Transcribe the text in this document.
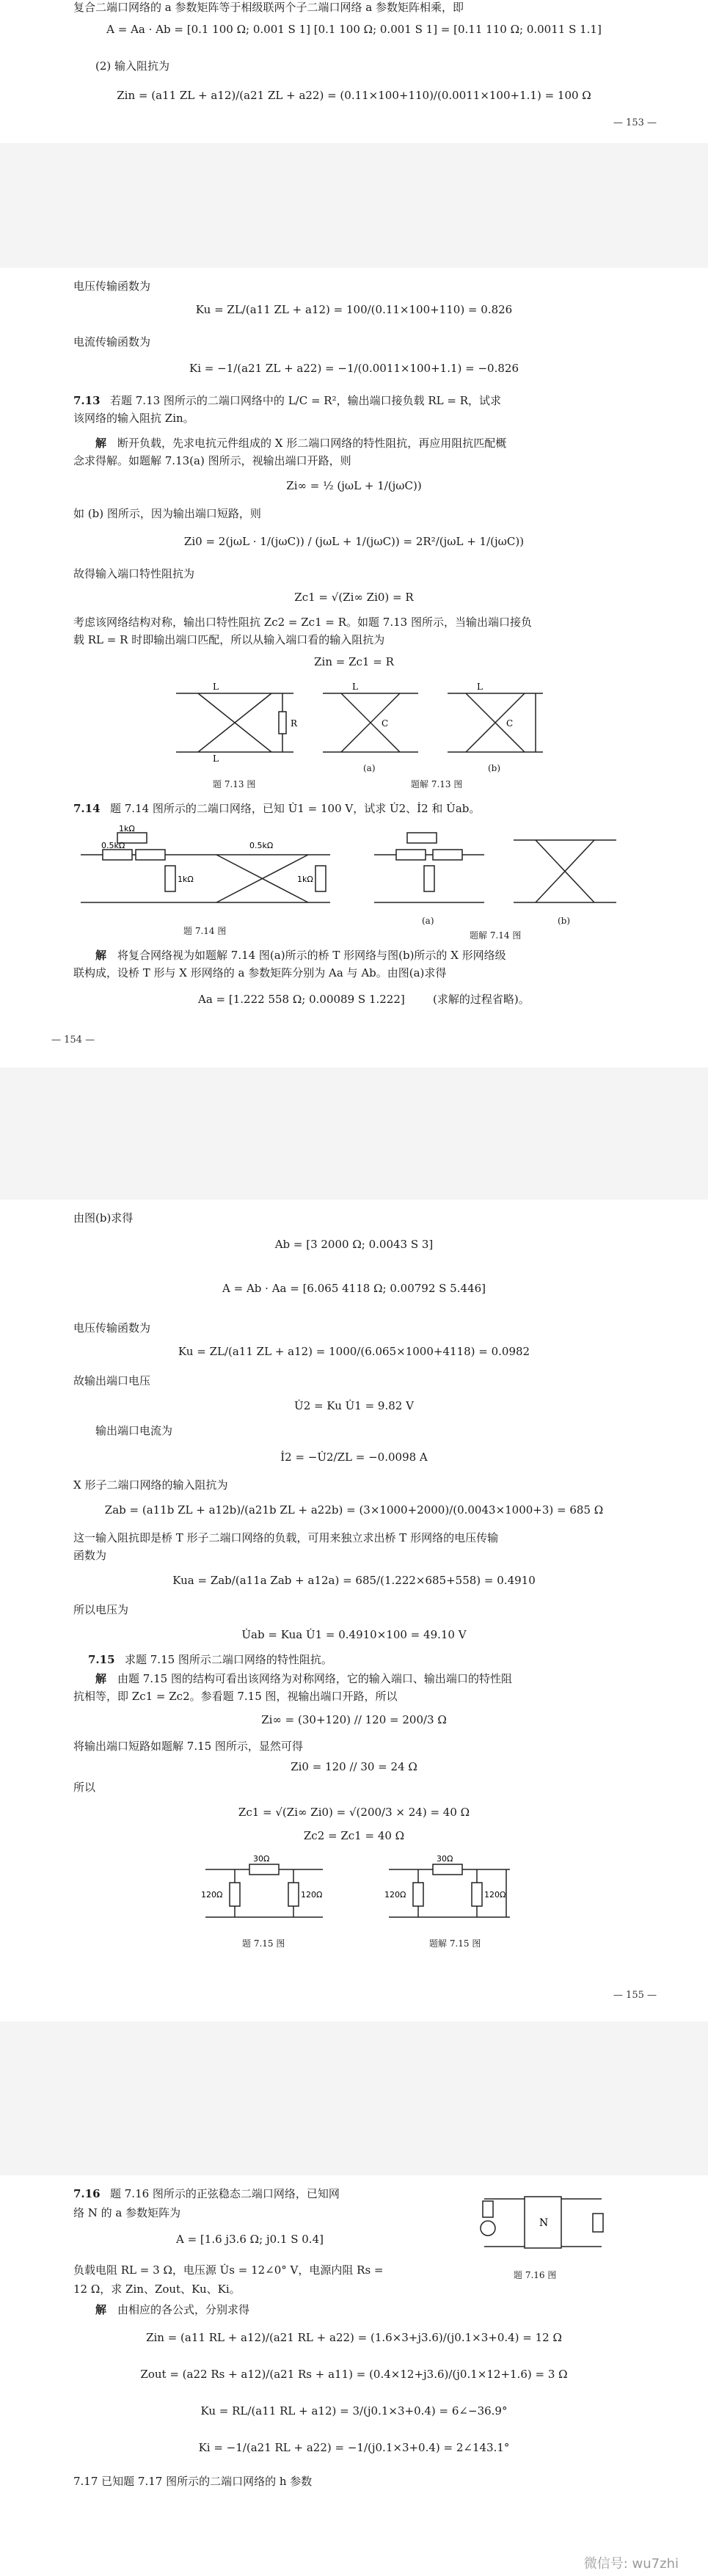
复合二端口网络的 a 参数矩阵等于相级联两个子二端口网络 a 参数矩阵相乘，即
A = Aa · Ab = [0.1 100 Ω; 0.001 S 1] [0.1 100 Ω; 0.001 S 1] = [0.11 110 Ω; 0.0011 S 1.1]
(2) 输入阻抗为
Zin = (a11 ZL + a12)/(a21 ZL + a22) = (0.11×100+110)/(0.0011×100+1.1) = 100 Ω
— 153 —
电压传输函数为
Ku = ZL/(a11 ZL + a12) = 100/(0.11×100+110) = 0.826
电流传输函数为
Ki = −1/(a21 ZL + a22) = −1/(0.0011×100+1.1) = −0.826
7.13 若题 7.13 图所示的二端口网络中的 L/C = R²，输出端口接负载 RL = R，试求
该网络的输入阻抗 Zin。
解 断开负载，先求电抗元件组成的 X 形二端口网络的特性阻抗，再应用阻抗匹配概
念求得解。如题解 7.13(a) 图所示，视输出端口开路，则
Zi∞ = ½ (jωL + 1/(jωC))
如 (b) 图所示，因为输出端口短路，则
Zi0 = 2(jωL · 1/(jωC)) / (jωL + 1/(jωC)) = 2R²/(jωL + 1/(jωC))
故得输入端口特性阻抗为
Zc1 = √(Zi∞ Zi0) = R
考虑该网络结构对称，输出口特性阻抗 Zc2 = Zc1 = R。如题 7.13 图所示，当输出端口接负
载 RL = R 时即输出端口匹配，所以从输入端口看的输入阻抗为
Zin = Zc1 = R
L
L
R
L
C
L
C
(a)	(b)
题 7.13 图	题解 7.13 图
7.14 题 7.14 图所示的二端口网络，已知 U̇1 = 100 V，试求 U̇2、İ2 和 U̇ab。
1kΩ
0.5kΩ
1kΩ
0.5kΩ
1kΩ
(a)	(b)
题 7.14 图	题解 7.14 图
解 将复合网络视为如题解 7.14 图(a)所示的桥 T 形网络与图(b)所示的 X 形网络级
联构成，设桥 T 形与 X 形网络的 a 参数矩阵分别为 Aa 与 Ab。由图(a)求得
Aa = [1.222 558 Ω; 0.00089 S 1.222]	(求解的过程省略)。
— 154 —
由图(b)求得
Ab = [3 2000 Ω; 0.0043 S 3]
A = Ab · Aa = [6.065 4118 Ω; 0.00792 S 5.446]
电压传输函数为
Ku = ZL/(a11 ZL + a12) = 1000/(6.065×1000+4118) = 0.0982
故输出端口电压
U̇2 = Ku U̇1 = 9.82 V
输出端口电流为
İ2 = −U̇2/ZL = −0.0098 A
X 形子二端口网络的输入阻抗为
Zab = (a11b ZL + a12b)/(a21b ZL + a22b) = (3×1000+2000)/(0.0043×1000+3) = 685 Ω
这一输入阻抗即是桥 T 形子二端口网络的负载，可用来独立求出桥 T 形网络的电压传输
函数为
Kua = Zab/(a11a Zab + a12a) = 685/(1.222×685+558) = 0.4910
所以电压为
U̇ab = Kua U̇1 = 0.4910×100 = 49.10 V
7.15 求题 7.15 图所示二端口网络的特性阻抗。
解 由题 7.15 图的结构可看出该网络为对称网络，它的输入端口、输出端口的特性阻
抗相等，即 Zc1 = Zc2。参看题 7.15 图，视输出端口开路，所以
Zi∞ = (30+120) // 120 = 200/3 Ω
将输出端口短路如题解 7.15 图所示，显然可得
Zi0 = 120 // 30 = 24 Ω
所以
Zc1 = √(Zi∞ Zi0) = √(200/3 × 24) = 40 Ω
Zc2 = Zc1 = 40 Ω
30Ω
120Ω	120Ω
30Ω
120Ω	120Ω
题 7.15 图	题解 7.15 图
— 155 —
7.16 题 7.16 图所示的正弦稳态二端口网络，已知网
络 N 的 a 参数矩阵为
A = [1.6 j3.6 Ω; j0.1 S 0.4]
负载电阻 RL = 3 Ω，电压源 U̇s = 12∠0° V，电源内阻 Rs =
12 Ω，求 Zin、Zout、Ku、Ki。
N
题 7.16 图
解 由相应的各公式，分别求得
Zin = (a11 RL + a12)/(a21 RL + a22) = (1.6×3+j3.6)/(j0.1×3+0.4) = 12 Ω
Zout = (a22 Rs + a12)/(a21 Rs + a11) = (0.4×12+j3.6)/(j0.1×12+1.6) = 3 Ω
Ku = RL/(a11 RL + a12) = 3/(j0.1×3+0.4) = 6∠−36.9°
Ki = −1/(a21 RL + a22) = −1/(j0.1×3+0.4) = 2∠143.1°
7.17 已知题 7.17 图所示的二端口网络的 h 参数
微信号: wu7zhi
